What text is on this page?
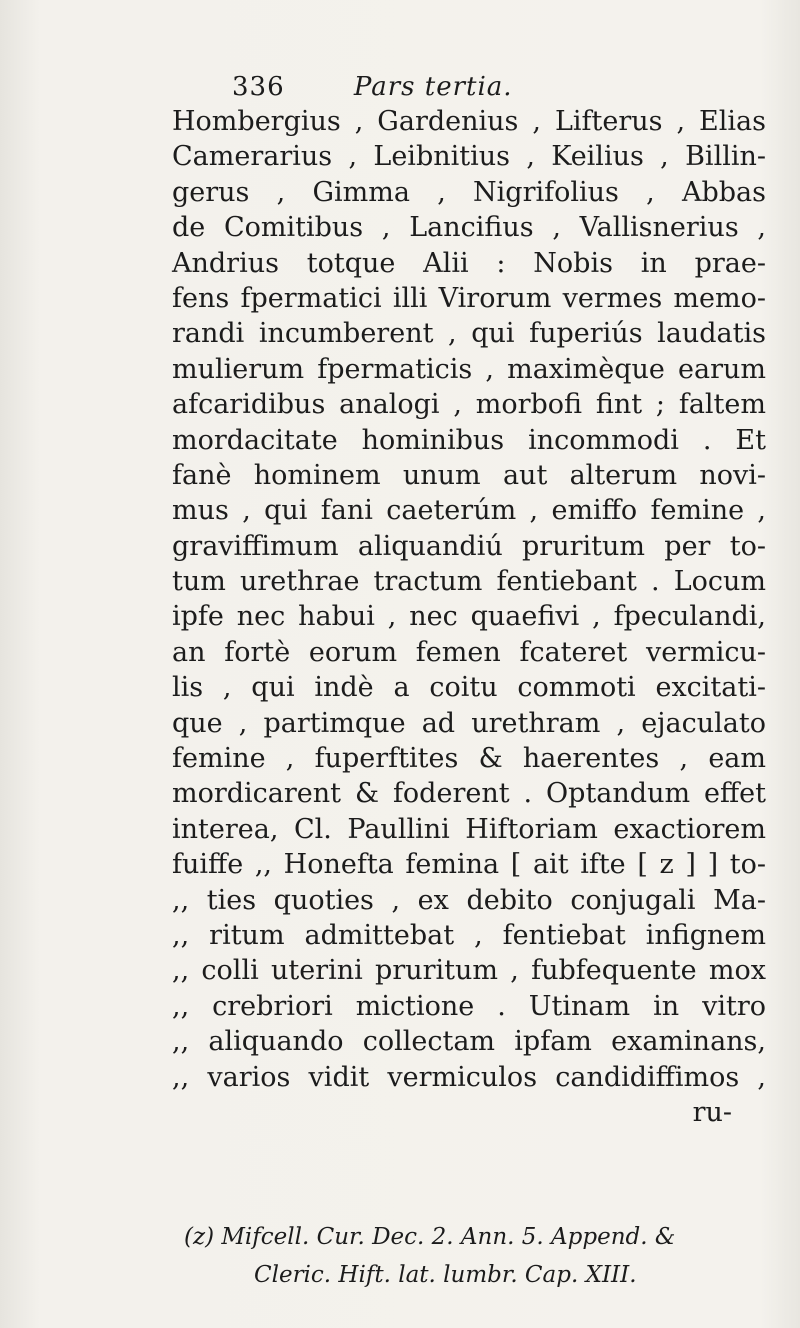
336	Pars tertia.
Hombergius , Gardenius , Lifterus , Elias
Camerarius , Leibnitius , Keilius , Billin-
gerus , Gimma , Nigrifolius , Abbas
de Comitibus , Lancifius , Vallisnerius ,
Andrius totque Alii : Nobis in prae-
fens fpermatici illi Virorum vermes memo-
randi incumberent , qui fuperiús laudatis
mulierum fpermaticis , maximèque earum
afcaridibus analogi , morbofi fint ; faltem
mordacitate hominibus incommodi . Et
fanè hominem unum aut alterum novi-
mus , qui fani caeterúm , emiffo femine ,
graviffimum aliquandiú pruritum per to-
tum urethrae tractum fentiebant . Locum
ipfe nec habui , nec quaefivi , fpeculandi,
an fortè eorum femen fcateret vermicu-
lis , qui indè a coitu commoti excitati-
que , partimque ad urethram , ejaculato
femine , fuperftites & haerentes , eam
mordicarent & foderent . Optandum effet
interea, Cl. Paullini Hiftoriam exactiorem
fuiffe ,, Honefta femina [ ait ifte [ z ] ] to-
,, ties quoties , ex debito conjugali Ma-
,, ritum admittebat , fentiebat infignem
,, colli uterini pruritum , fubfequente mox
,, crebriori mictione . Utinam in vitro
,, aliquando collectam ipfam examinans,
,, varios vidit vermiculos candidiffimos ,
ru-
(z) Mifcell. Cur. Dec. 2. Ann. 5. Append. &
Cleric. Hift. lat. lumbr. Cap. XIII.
